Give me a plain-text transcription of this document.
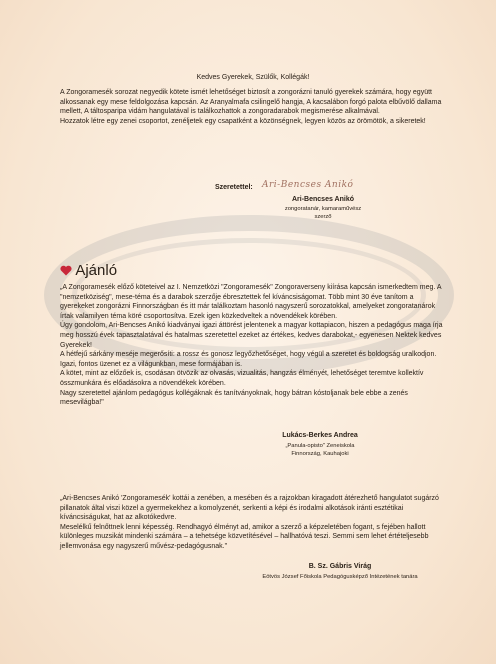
Kedves Gyerekek, Szülők, Kollégák!

A Zongoramesék sorozat negyedik kötete ismét lehetőséget biztosít a zongorázni tanuló gyerekek számára, hogy együtt alkossanak egy mese feldolgozása kapcsán. Az Aranyalmafa csilingelő hangja, A kacsalábon forgó palota elbűvölő dallama mellett, A táltosparipa vidám hangulatával is találkozhattok a zongoradarabok megismerése alkalmával.

Hozzatok létre egy zenei csoportot, zenéljetek egy csapatként a közönségnek, legyen közös az örömötök, a sikeretek!

Szeretettel: Ari-Bencses Anikó
Ari-Bencses Anikó
zongoratanár, kamaraművész
szerző
Ajánló

„A Zongoramesék előző köteteivel az I. Nemzetközi "Zongoramesék" Zongoraverseny kiírása kapcsán ismerkedtem meg. A "nemzetköziség", mese-téma és a darabok szerzője ébresztettek fel kíváncsiságomat. Több mint 30 éve tanítom a gyerekeket zongorázni Finnországban és itt már találkoztam hasonló nagyszerű sorozatokkal, amelyeket zongoratanárok írtak valamilyen téma köré csoportosítva. Ezek igen közkedveltek a növendékek körében.

Úgy gondolom, Ari-Bencses Anikó kiadványai igazi áttörést jelentenek a magyar kottapiacon, hiszen a pedagógus maga írja meg hosszú évek tapasztalatával és hatalmas szeretettel ezeket az értékes, kedves darabokat,- egyenesen Nektek kedves Gyerekek!

A hétfejű sárkány meséje megerősíti: a rossz és gonosz legyőzhetőséget, hogy végül a szeretet és boldogság uralkodjon. Igazi, fontos üzenet ez a világunkban, mese formájában is.

A kötet, mint az előzőek is, csodásan ötvözik az olvasás, vizualitás, hangzás élményét, lehetőséget teremtve kollektív összmunkára és előadásokra a növendékek körében.

Nagy szeretettel ajánlom pedagógus kollégáknak és tanítványoknak, hogy bátran kóstoljanak bele ebbe a zenés mesevilágba!"

Lukács-Berkes Andrea
„Panula-opisto" Zeneiskola
Finnország, Kauhajoki

„Ari-Bencses Anikó 'Zongoramesék' kottái a zenében, a mesében és a rajzokban kiragadott átérezhető hangulatot sugárzó pillanatok által viszi közel a gyermekekhez a komolyzenét, serkenti a képi és irodalmi alkotások iránti esztétikai kíváncsiságukat, hat az alkotókedvre.

Meselélkű felnőttnek lenni képesség. Rendhagyó élményt ad, amikor a szerző a képzeletében fogant, s fejében hallott különleges muzsikát mindenki számára – a tehetsége közvetítésével – hallhatóvá teszi. Semmi sem lehet értételjesebb jellemvonása egy nagyszerű művész-pedagógusnak."

B. Sz. Gábris Virág
Eötvös József Főiskola Pedagógusképző Intézetének tanára
